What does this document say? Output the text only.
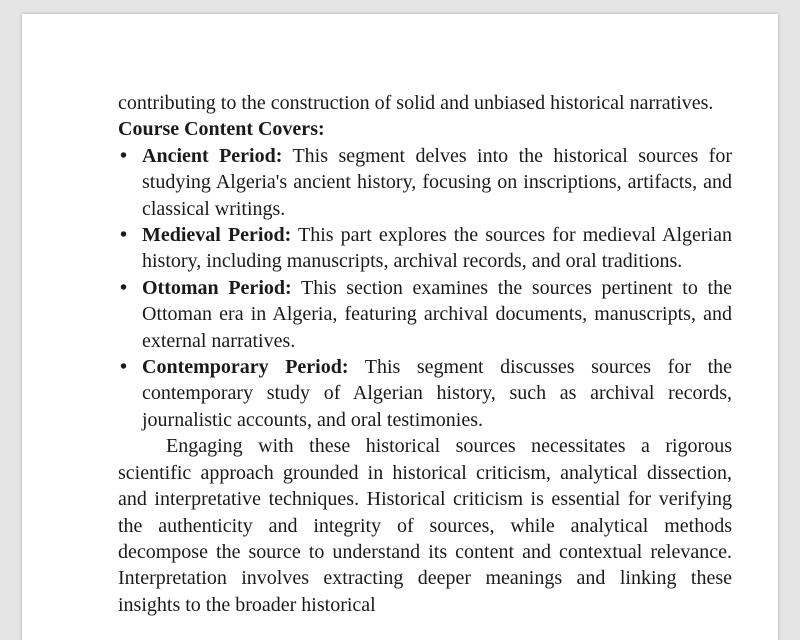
contributing to the construction of solid and unbiased historical narratives.

Course Content Covers:

• Ancient Period: This segment delves into the historical sources for studying Algeria's ancient history, focusing on inscriptions, artifacts, and classical writings.
• Medieval Period: This part explores the sources for medieval Algerian history, including manuscripts, archival records, and oral traditions.
• Ottoman Period: This section examines the sources pertinent to the Ottoman era in Algeria, featuring archival documents, manuscripts, and external narratives.
• Contemporary Period: This segment discusses sources for the contemporary study of Algerian history, such as archival records, journalistic accounts, and oral testimonies.

Engaging with these historical sources necessitates a rigorous scientific approach grounded in historical criticism, analytical dissection, and interpretative techniques. Historical criticism is essential for verifying the authenticity and integrity of sources, while analytical methods decompose the source to understand its content and contextual relevance. Interpretation involves extracting deeper meanings and linking these insights to the broader historical
